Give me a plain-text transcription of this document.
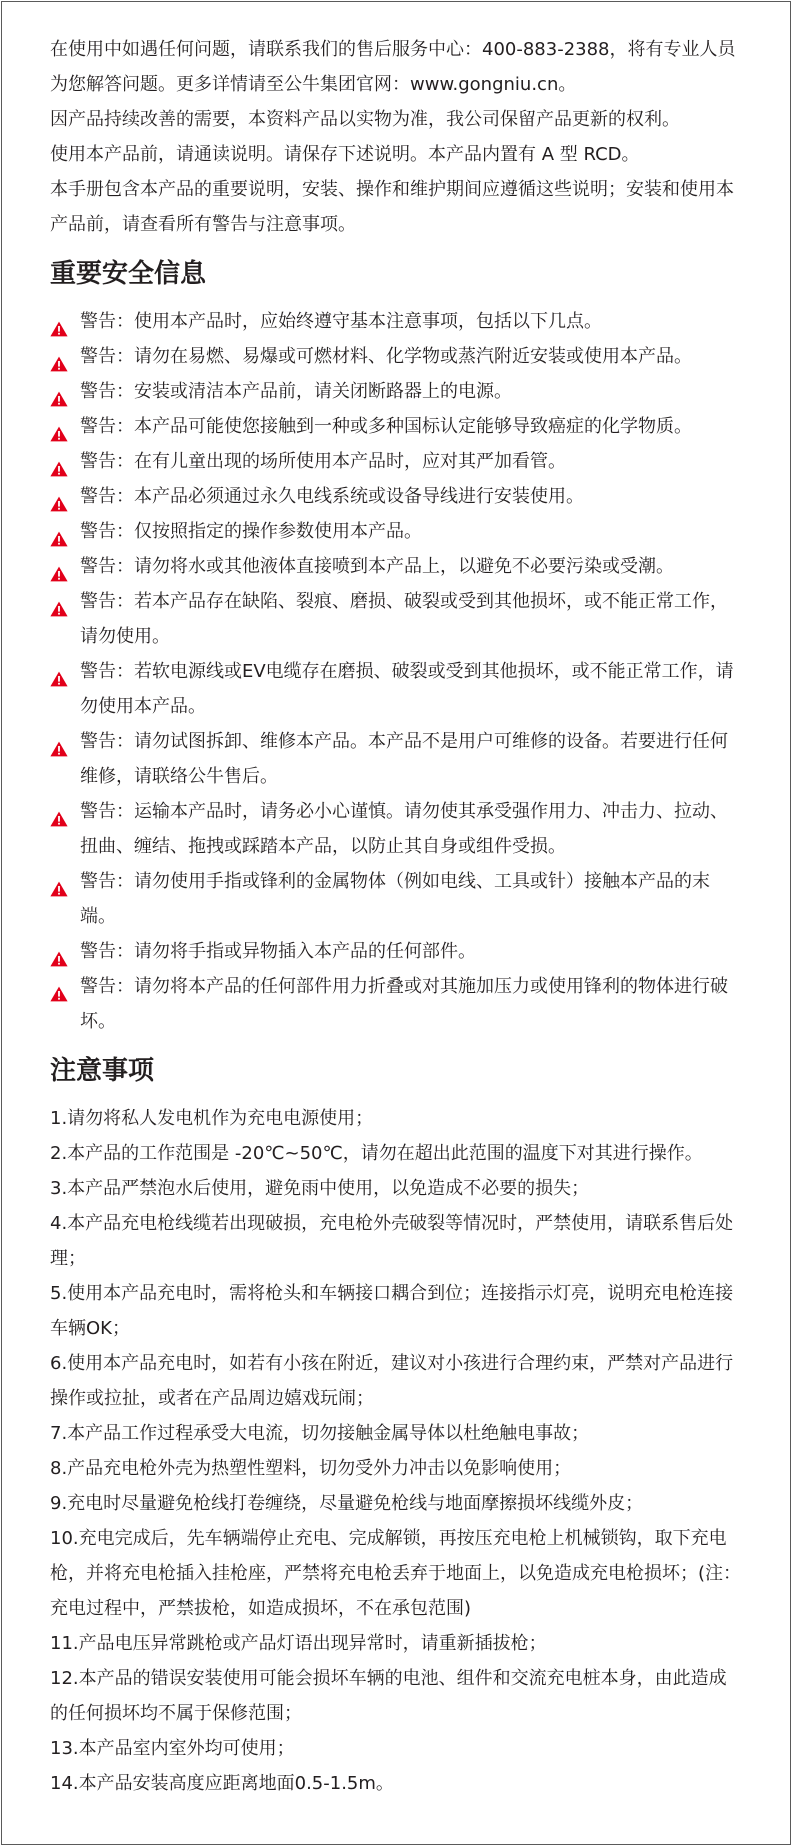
在使用中如遇任何问题，请联系我们的售后服务中心：400-883-2388，将有专业人员为您解答问题。更多详情请至公牛集团官网：www.gongniu.cn。

因产品持续改善的需要，本资料产品以实物为准，我公司保留产品更新的权利。

使用本产品前，请通读说明。请保存下述说明。本产品内置有 A 型 RCD。

本手册包含本产品的重要说明，安装、操作和维护期间应遵循这些说明；安装和使用本产品前，请查看所有警告与注意事项。

重要安全信息
警告：使用本产品时，应始终遵守基本注意事项，包括以下几点。
警告：请勿在易燃、易爆或可燃材料、化学物或蒸汽附近安装或使用本产品。
警告：安装或清洁本产品前，请关闭断路器上的电源。
警告：本产品可能使您接触到一种或多种国标认定能够导致癌症的化学物质。
警告：在有儿童出现的场所使用本产品时，应对其严加看管。
警告：本产品必须通过永久电线系统或设备导线进行安装使用。
警告：仅按照指定的操作参数使用本产品。
警告：请勿将水或其他液体直接喷到本产品上，以避免不必要污染或受潮。
警告：若本产品存在缺陷、裂痕、磨损、破裂或受到其他损坏，或不能正常工作，请勿使用。
警告：若软电源线或EV电缆存在磨损、破裂或受到其他损坏，或不能正常工作，请勿使用本产品。
警告：请勿试图拆卸、维修本产品。本产品不是用户可维修的设备。若要进行任何维修，请联络公牛售后。
警告：运输本产品时，请务必小心谨慎。请勿使其承受强作用力、冲击力、拉动、扭曲、缠结、拖拽或踩踏本产品，以防止其自身或组件受损。
警告：请勿使用手指或锋利的金属物体（例如电线、工具或针）接触本产品的末端。
警告：请勿将手指或异物插入本产品的任何部件。
警告：请勿将本产品的任何部件用力折叠或对其施加压力或使用锋利的物体进行破坏。
注意事项
1.请勿将私人发电机作为充电电源使用；
2.本产品的工作范围是 -20℃~50℃，请勿在超出此范围的温度下对其进行操作。
3.本产品严禁泡水后使用，避免雨中使用，以免造成不必要的损失；
4.本产品充电枪线缆若出现破损，充电枪外壳破裂等情况时，严禁使用，请联系售后处理；
5.使用本产品充电时，需将枪头和车辆接口耦合到位；连接指示灯亮，说明充电枪连接车辆OK；
6.使用本产品充电时，如若有小孩在附近，建议对小孩进行合理约束，严禁对产品进行操作或拉扯，或者在产品周边嬉戏玩闹；
7.本产品工作过程承受大电流，切勿接触金属导体以杜绝触电事故；
8.产品充电枪外壳为热塑性塑料，切勿受外力冲击以免影响使用；
9.充电时尽量避免枪线打卷缠绕，尽量避免枪线与地面摩擦损坏线缆外皮；
10.充电完成后，先车辆端停止充电、完成解锁，再按压充电枪上机械锁钩，取下充电枪，并将充电枪插入挂枪座，严禁将充电枪丢弃于地面上，以免造成充电枪损坏；(注：充电过程中，严禁拔枪，如造成损坏，不在承包范围)
11.产品电压异常跳枪或产品灯语出现异常时，请重新插拔枪；
12.本产品的错误安装使用可能会损坏车辆的电池、组件和交流充电桩本身，由此造成的任何损坏均不属于保修范围；
13.本产品室内室外均可使用；
14.本产品安装高度应距离地面0.5-1.5m。
